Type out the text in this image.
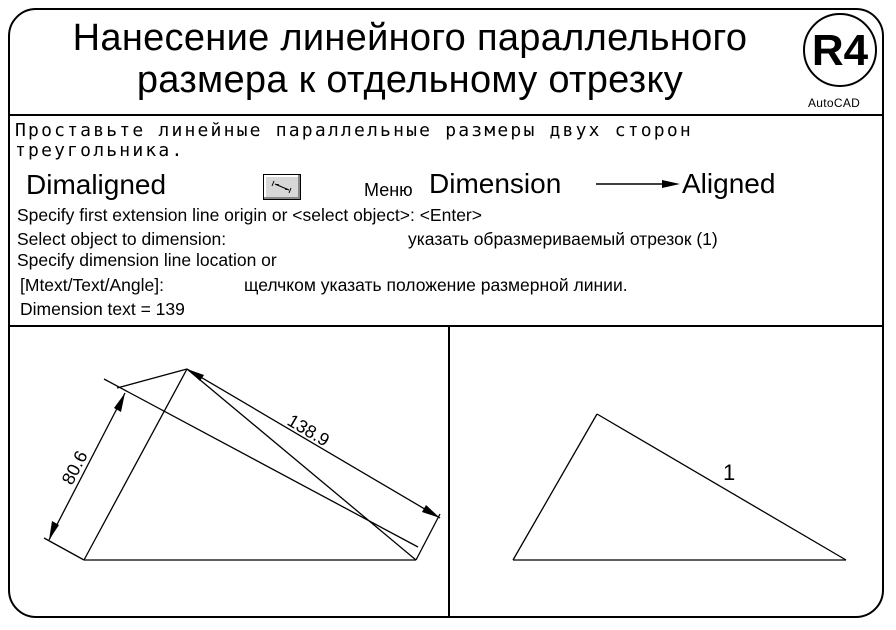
Нанесение линейного параллельного
размера к отдельному отрезку
R4
AutoCAD
Проставьте линейные параллельные размеры двух сторон
треугольника.
Dimaligned	Меню Dimension	Aligned
Specify first extension line origin or <select object>: <Enter>
Select object to dimension:	указать образмериваемый отрезок (1)
Specify dimension line location or
[Mtext/Text/Angle]:	щелчком указать положение размерной линии.
Dimension text = 139
138.9
80.6	1
